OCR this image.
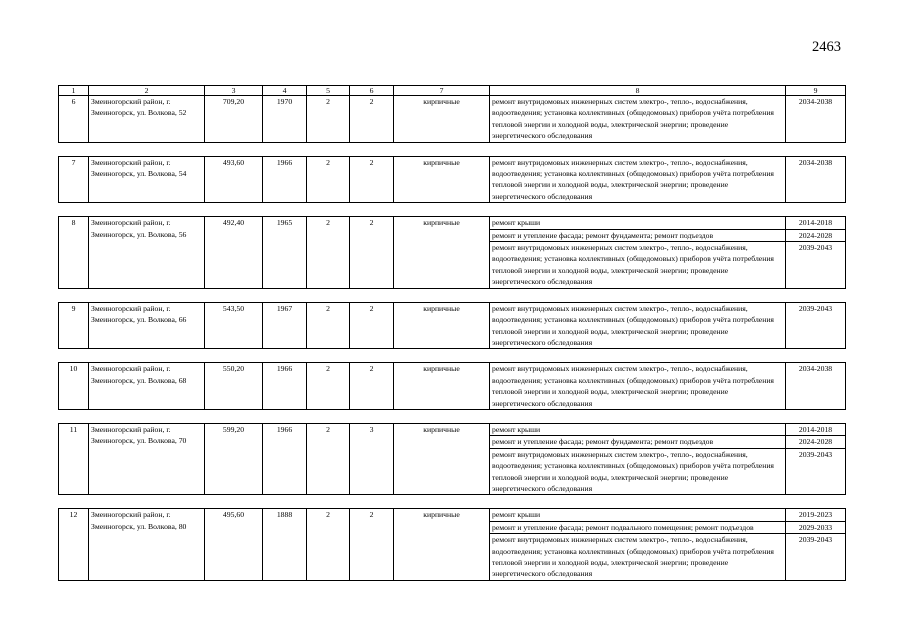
2463
1	2	3	4	5	6	7	8	9
6	Змеиногорский район, г. Змеиногорск, ул. Волкова, 52	709,20	1970	2	2	кирпичные	ремонт внутридомовых инженерных систем электро-, тепло-, водоснабжения, водоотведения; установка коллективных (общедомовых) приборов учёта потребления тепловой энергии и холодной воды, электрической энергии; проведение энергетического обследования	2034-2038

7	Змеиногорский район, г. Змеиногорск, ул. Волкова, 54	493,60	1966	2	2	кирпичные	ремонт внутридомовых инженерных систем электро-, тепло-, водоснабжения, водоотведения; установка коллективных (общедомовых) приборов учёта потребления тепловой энергии и холодной воды, электрической энергии; проведение энергетического обследования	2034-2038

8	Змеиногорский район, г. Змеиногорск, ул. Волкова, 56	492,40	1965	2	2	кирпичные	ремонт крыши	2014-2018
							ремонт и утепление фасада; ремонт фундамента; ремонт подъездов	2024-2028
							ремонт внутридомовых инженерных систем электро-, тепло-, водоснабжения, водоотведения; установка коллективных (общедомовых) приборов учёта потребления тепловой энергии и холодной воды, электрической энергии; проведение энергетического обследования	2039-2043

9	Змеиногорский район, г. Змеиногорск, ул. Волкова, 66	543,50	1967	2	2	кирпичные	ремонт внутридомовых инженерных систем электро-, тепло-, водоснабжения, водоотведения; установка коллективных (общедомовых) приборов учёта потребления тепловой энергии и холодной воды, электрической энергии; проведение энергетического обследования	2039-2043

10	Змеиногорский район, г. Змеиногорск, ул. Волкова, 68	550,20	1966	2	2	кирпичные	ремонт внутридомовых инженерных систем электро-, тепло-, водоснабжения, водоотведения; установка коллективных (общедомовых) приборов учёта потребления тепловой энергии и холодной воды, электрической энергии; проведение энергетического обследования	2034-2038

11	Змеиногорский район, г. Змеиногорск, ул. Волкова, 70	599,20	1966	2	3	кирпичные	ремонт крыши	2014-2018
							ремонт и утепление фасада; ремонт фундамента; ремонт подъездов	2024-2028
							ремонт внутридомовых инженерных систем электро-, тепло-, водоснабжения, водоотведения; установка коллективных (общедомовых) приборов учёта потребления тепловой энергии и холодной воды, электрической энергии; проведение энергетического обследования	2039-2043

12	Змеиногорский район, г. Змеиногорск, ул. Волкова, 80	495,60	1888	2	2	кирпичные	ремонт крыши	2019-2023
							ремонт и утепление фасада; ремонт подвального помещения; ремонт подъездов	2029-2033
							ремонт внутридомовых инженерных систем электро-, тепло-, водоснабжения, водоотведения; установка коллективных (общедомовых) приборов учёта потребления тепловой энергии и холодной воды, электрической энергии; проведение энергетического обследования	2039-2043
